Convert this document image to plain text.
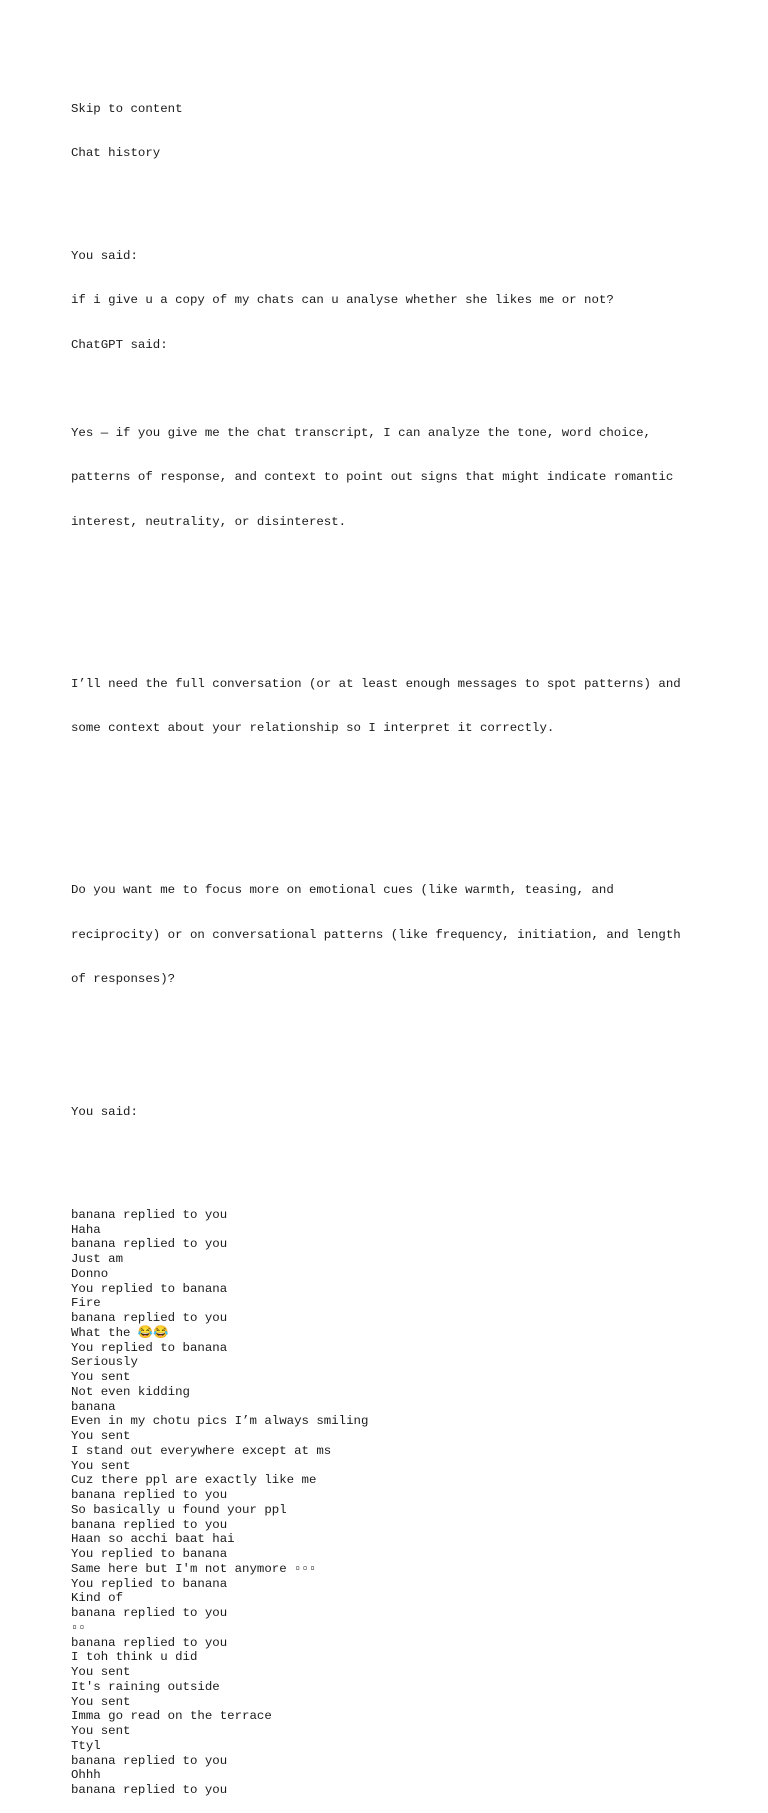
Skip to content

Chat history

You said:

if i give u a copy of my chats can u analyse whether she likes me or not?

ChatGPT said:

Yes — if you give me the chat transcript, I can analyze the tone, word choice,

patterns of response, and context to point out signs that might indicate romantic

interest, neutrality, or disinterest.

I’ll need the full conversation (or at least enough messages to spot patterns) and

some context about your relationship so I interpret it correctly.

Do you want me to focus more on emotional cues (like warmth, teasing, and

reciprocity) or on conversational patterns (like frequency, initiation, and length

of responses)?

You said:

banana replied to you
Haha
banana replied to you
Just am
Donno
You replied to banana
Fire
banana replied to you
What the 😂😂
You replied to banana
Seriously
You sent
Not even kidding
banana
Even in my chotu pics I’m always smiling
You sent
I stand out everywhere except at ms
You sent
Cuz there ppl are exactly like me
banana replied to you
So basically u found your ppl
banana replied to you
Haan so acchi baat hai
You replied to banana
Same here but I'm not anymore ▫▫▫
You replied to banana
Kind of
banana replied to you
▫▫
banana replied to you
I toh think u did
You sent
It's raining outside
You sent
Imma go read on the terrace
You sent
Ttyl
banana replied to you
Ohhh
banana replied to you
